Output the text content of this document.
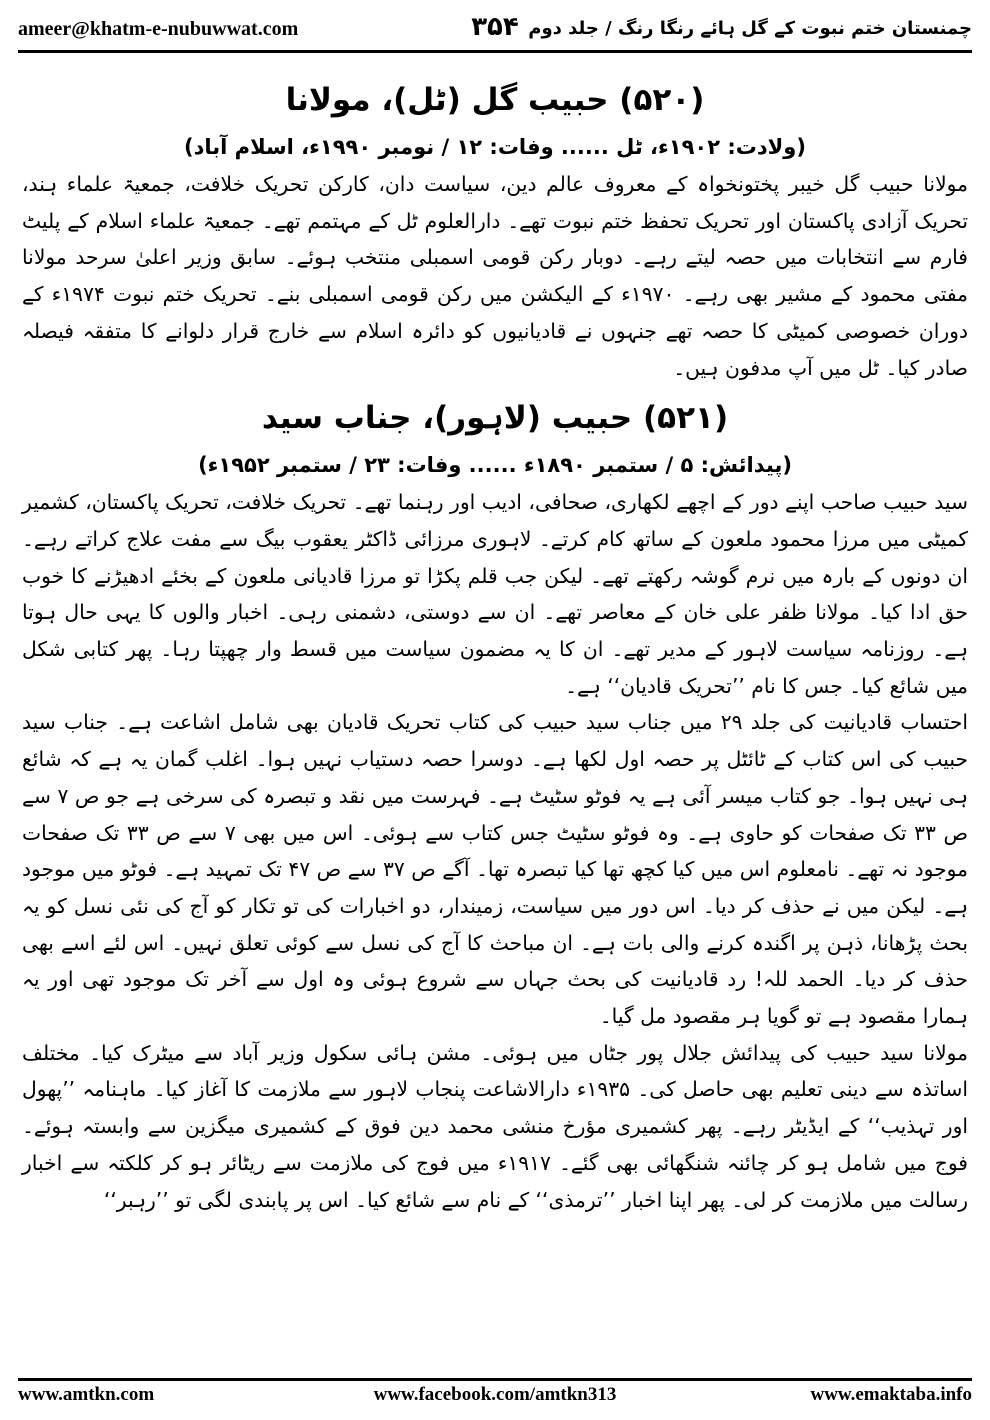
ameer@khatm-e-nubuwwat.com	۳۵۴ چمنستان ختم نبوت کے گل ہائے رنگا رنگ / جلد دوم
(۵۲۰) حبیب گل (ٹل)، مولانا
(ولادت: ۱۹۰۲ء، ٹل ...... وفات: ۱۲ / نومبر ۱۹۹۰ء، اسلام آباد)

مولانا حبیب گل خیبر پختونخواہ کے معروف عالم دین، سیاست دان، کارکن تحریک خلافت، جمعیۃ علماء ہند، تحریک آزادی پاکستان اور تحریک تحفظ ختم نبوت تھے۔ دارالعلوم ٹل کے مہتمم تھے۔ جمعیۃ علماء اسلام کے پلیٹ فارم سے انتخابات میں حصہ لیتے رہے۔ دوبار رکن قومی اسمبلی منتخب ہوئے۔ سابق وزیر اعلیٰ سرحد مولانا مفتی محمود کے مشیر بھی رہے۔ ۱۹۷۰ء کے الیکشن میں رکن قومی اسمبلی بنے۔ تحریک ختم نبوت ۱۹۷۴ء کے دوران خصوصی کمیٹی کا حصہ تھے جنہوں نے قادیانیوں کو دائرہ اسلام سے خارج قرار دلوانے کا متفقہ فیصلہ صادر کیا۔ ٹل میں آپ مدفون ہیں۔

(۵۲۱) حبیب (لاہور)، جناب سید
(پیدائش: ۵ / ستمبر ۱۸۹۰ء ...... وفات: ۲۳ / ستمبر ۱۹۵۲ء)

سید حبیب صاحب اپنے دور کے اچھے لکھاری، صحافی، ادیب اور رہنما تھے۔ تحریک خلافت، تحریک پاکستان، کشمیر کمیٹی میں مرزا محمود ملعون کے ساتھ کام کرتے۔ لاہوری مرزائی ڈاکٹر یعقوب بیگ سے مفت علاج کراتے رہے۔ ان دونوں کے بارہ میں نرم گوشہ رکھتے تھے۔ لیکن جب قلم پکڑا تو مرزا قادیانی ملعون کے بخئے ادھیڑنے کا خوب حق ادا کیا۔ مولانا ظفر علی خان کے معاصر تھے۔ ان سے دوستی، دشمنی رہی۔ اخبار والوں کا یہی حال ہوتا ہے۔ روزنامہ سیاست لاہور کے مدیر تھے۔ ان کا یہ مضمون سیاست میں قسط وار چھپتا رہا۔ پھر کتابی شکل میں شائع کیا۔ جس کا نام ’’تحریک قادیان‘‘ ہے۔

احتساب قادیانیت کی جلد ۲۹ میں جناب سید حبیب کی کتاب تحریک قادیان بھی شامل اشاعت ہے۔ جناب سید حبیب کی اس کتاب کے ٹائٹل پر حصہ اول لکھا ہے۔ دوسرا حصہ دستیاب نہیں ہوا۔ اغلب گمان یہ ہے کہ شائع ہی نہیں ہوا۔ جو کتاب میسر آئی ہے یہ فوٹو سٹیٹ ہے۔ فہرست میں نقد و تبصرہ کی سرخی ہے جو ص ۷ سے ص ۳۳ تک صفحات کو حاوی ہے۔ وہ فوٹو سٹیٹ جس کتاب سے ہوئی۔ اس میں بھی ۷ سے ص ۳۳ تک صفحات موجود نہ تھے۔ نامعلوم اس میں کیا کچھ تھا کیا تبصرہ تھا۔ آگے ص ۳۷ سے ص ۴۷ تک تمہید ہے۔ فوٹو میں موجود ہے۔ لیکن میں نے حذف کر دیا۔ اس دور میں سیاست، زمیندار، دو اخبارات کی تو تکار کو آج کی نئی نسل کو یہ بحث پڑھانا، ذہن پر اگندہ کرنے والی بات ہے۔ ان مباحث کا آج کی نسل سے کوئی تعلق نہیں۔ اس لئے اسے بھی حذف کر دیا۔ الحمد للہ! رد قادیانیت کی بحث جہاں سے شروع ہوئی وہ اول سے آخر تک موجود تھی اور یہ ہمارا مقصود ہے تو گویا ہر مقصود مل گیا۔

مولانا سید حبیب کی پیدائش جلال پور جٹاں میں ہوئی۔ مشن ہائی سکول وزیر آباد سے میٹرک کیا۔ مختلف اساتذہ سے دینی تعلیم بھی حاصل کی۔ ۱۹۳۵ء دارالاشاعت پنجاب لاہور سے ملازمت کا آغاز کیا۔ ماہنامہ ’’پھول اور تہذیب‘‘ کے ایڈیٹر رہے۔ پھر کشمیری مؤرخ منشی محمد دین فوق کے کشمیری میگزین سے وابستہ ہوئے۔ فوج میں شامل ہو کر چائنہ شنگھائی بھی گئے۔ ۱۹۱۷ء میں فوج کی ملازمت سے ریٹائر ہو کر کلکتہ سے اخبار رسالت میں ملازمت کر لی۔ پھر اپنا اخبار ’’ترمذی‘‘ کے نام سے شائع کیا۔ اس پر پابندی لگی تو ’’رہبر‘‘

www.amtkn.com	www.facebook.com/amtkn313	www.emaktaba.info
